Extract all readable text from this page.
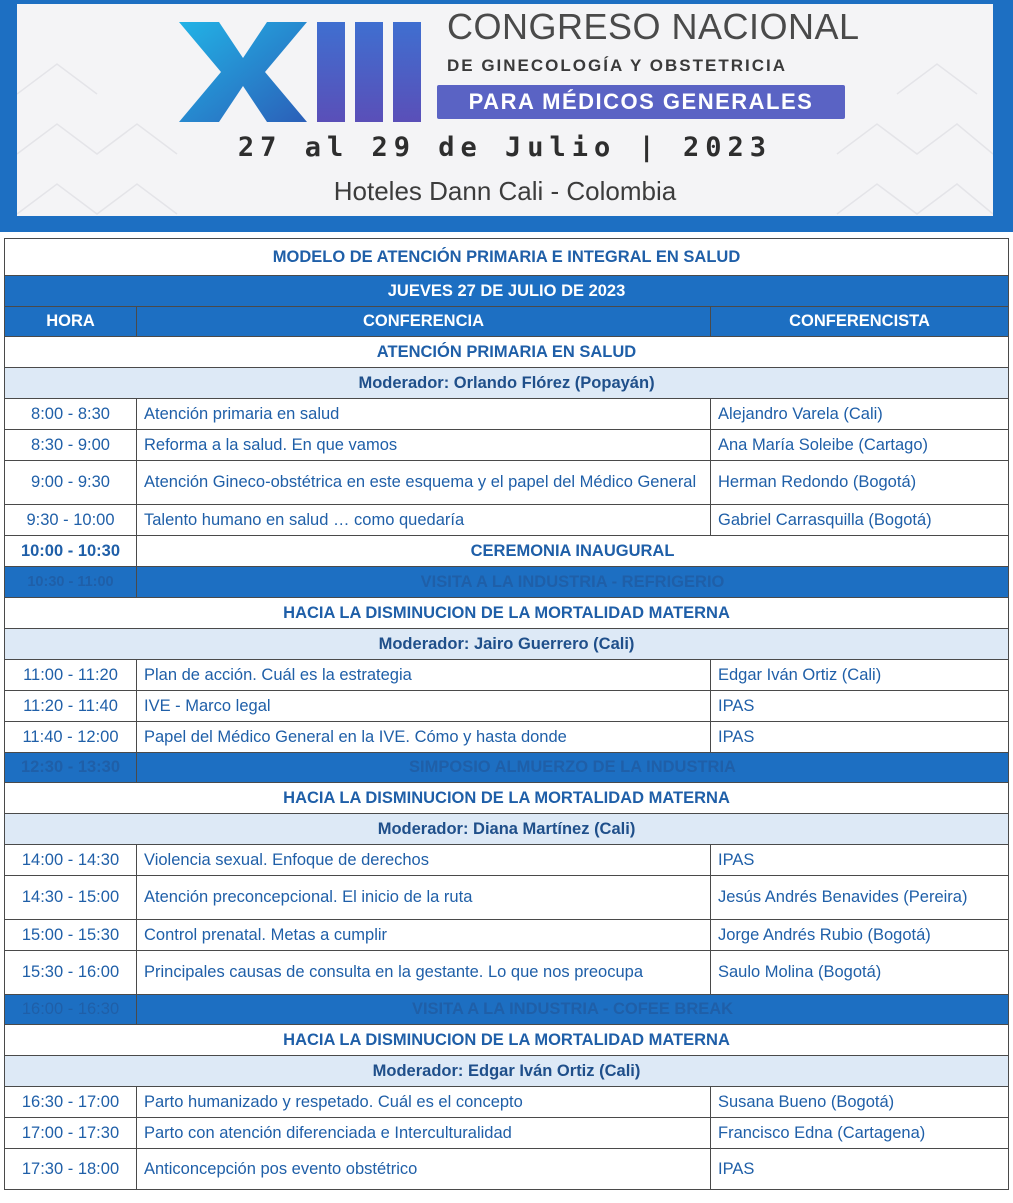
CONGRESO NACIONAL
DE GINECOLOGÍA Y OBSTETRICIA
PARA MÉDICOS GENERALES
27 al 29 de Julio | 2023
Hoteles Dann Cali - Colombia
MODELO DE ATENCIÓN PRIMARIA E INTEGRAL EN SALUD		
JUEVES 27 DE JULIO DE 2023		
HORA	CONFERENCIA	CONFERENCISTA
ATENCIÓN PRIMARIA EN SALUD		
Moderador: Orlando Flórez (Popayán)		
8:00 - 8:30	Atención primaria en salud	Alejandro Varela (Cali)
8:30 - 9:00	Reforma a la salud. En que vamos	Ana María Soleibe (Cartago)
9:00 - 9:30	Atención Gineco-obstétrica en este esquema y el papel del Médico General	Herman Redondo (Bogotá)
9:30 - 10:00	Talento humano en salud … como quedaría	Gabriel Carrasquilla (Bogotá)
10:00 - 10:30	CEREMONIA INAUGURAL	
10:30 - 11:00	VISITA A LA INDUSTRIA - REFRIGERIO	
HACIA LA DISMINUCION DE LA MORTALIDAD MATERNA		
Moderador: Jairo Guerrero (Cali)		
11:00 - 11:20	Plan de acción. Cuál es la estrategia	Edgar Iván Ortiz (Cali)
11:20 - 11:40	IVE - Marco legal	IPAS
11:40 - 12:00	Papel del Médico General en la IVE. Cómo y hasta donde	IPAS
12:30 - 13:30	SIMPOSIO ALMUERZO DE LA INDUSTRIA	
HACIA LA DISMINUCION DE LA MORTALIDAD MATERNA		
Moderador: Diana Martínez (Cali)		
14:00 - 14:30	Violencia sexual. Enfoque de derechos	IPAS
14:30 - 15:00	Atención preconcepcional. El inicio de la ruta	Jesús Andrés Benavides (Pereira)
15:00 - 15:30	Control prenatal. Metas a cumplir	Jorge Andrés Rubio (Bogotá)
15:30 - 16:00	Principales causas de consulta en la gestante. Lo que nos preocupa	Saulo Molina (Bogotá)
16:00 - 16:30	VISITA A LA INDUSTRIA - COFEE BREAK	
HACIA LA DISMINUCION DE LA MORTALIDAD MATERNA		
Moderador: Edgar Iván Ortiz (Cali)		
16:30 - 17:00	Parto humanizado y respetado. Cuál es el concepto	Susana Bueno (Bogotá)
17:00 - 17:30	Parto con atención diferenciada e Interculturalidad	Francisco Edna (Cartagena)
17:30 - 18:00	Anticoncepción pos evento obstétrico	IPAS
